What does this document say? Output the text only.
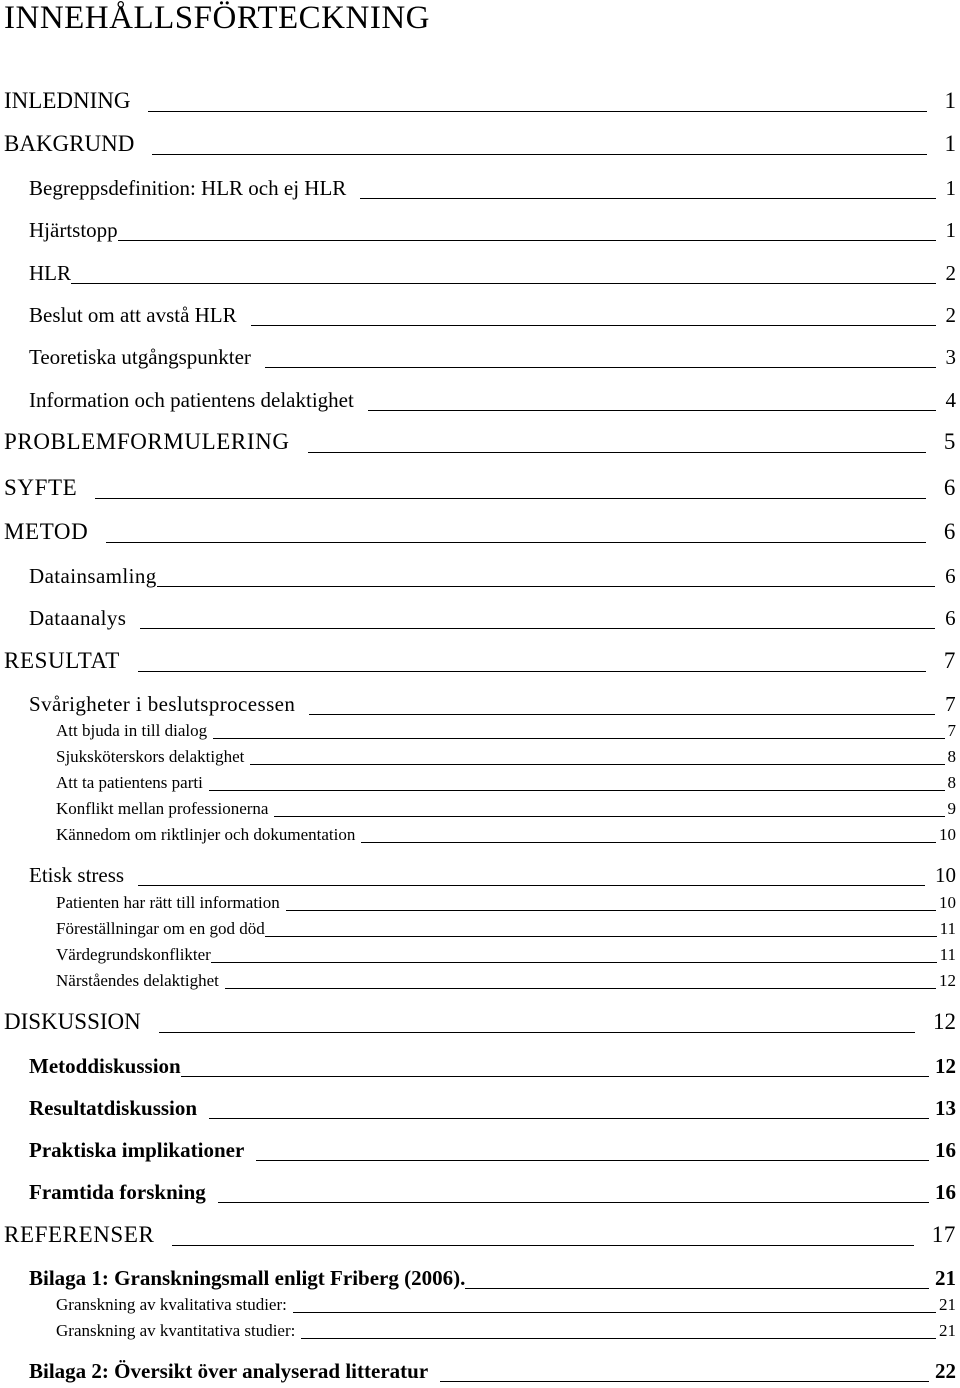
INNEHÅLLSFÖRTECKNING
INLEDNING	1
BAKGRUND	1
Begreppsdefinition: HLR och ej HLR	1
Hjärtstopp	1
HLR	2
Beslut om att avstå HLR	2
Teoretiska utgångspunkter	3
Information och patientens delaktighet	4
PROBLEMFORMULERING	5
SYFTE	6
METOD	6
Datainsamling	6
Dataanalys	6
RESULTAT	7
Svårigheter i beslutsprocessen	7
Att bjuda in till dialog	7
Sjuksköterskors delaktighet	8
Att ta patientens parti	8
Konflikt mellan professionerna	9
Kännedom om riktlinjer och dokumentation	10
Etisk stress	10
Patienten har rätt till information	10
Föreställningar om en god död	11
Värdegrundskonflikter	11
Närståendes delaktighet	12
DISKUSSION	12
Metoddiskussion	12
Resultatdiskussion	13
Praktiska implikationer	16
Framtida forskning	16
REFERENSER	17
Bilaga 1: Granskningsmall enligt Friberg (2006).	21
Granskning av kvalitativa studier:	21
Granskning av kvantitativa studier:	21
Bilaga 2: Översikt över analyserad litteratur	22
